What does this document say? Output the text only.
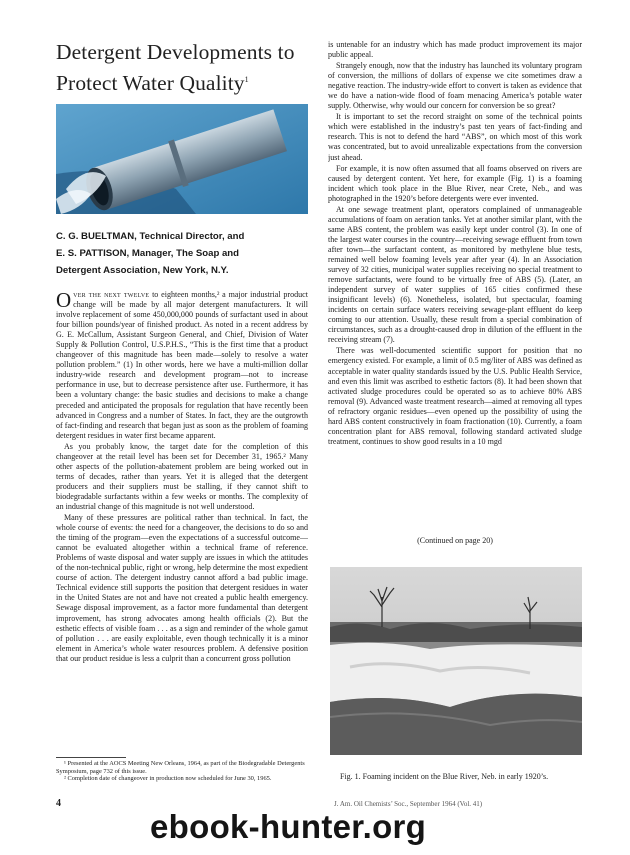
Detergent Developments to Protect Water Quality$^1$
C. G. BUELTMAN, Technical Director, and
E. S. PATTISON, Manager, The Soap and
Detergent Association, New York, N.Y.

Over the next twelve to eighteen months,² a major industrial product change will be made by all major detergent manufacturers. It will involve replacement of some 450,000,000 pounds of surfactant used in about four billion pounds/year of finished product. As noted in a recent address by G. E. McCallum, Assistant Surgeon General, and Chief, Division of Water Supply & Pollution Control, U.S.P.H.S., “This is the first time that a product changeover of this magnitude has been made—solely to resolve a water pollution problem.” (1) In other words, here we have a multi-million dollar industry-wide research and development program—not to increase performance in use, but to decrease persistence after use. Furthermore, it has been a voluntary change: the basic studies and decisions to make a change preceded and anticipated the proposals for regulation that have recently been advanced in Congress and a number of States. In fact, they are the outgrowth of fact-finding and research that began just as soon as the problem of foaming detergent residues in water first became apparent.

As you probably know, the target date for the completion of this changeover at the retail level has been set for December 31, 1965.² Many other aspects of the pollution-abatement problem are being worked out in terms of decades, rather than years. Yet it is alleged that the detergent producers and their suppliers must be stalling, if they cannot shift to biodegradable surfactants within a few weeks or months. The complexity of an industrial change of this magnitude is not well understood.

Many of these pressures are political rather than technical. In fact, the whole course of events: the need for a changeover, the decisions to do so and the timing of the program—even the expectations of a successful outcome—cannot be evaluated altogether within a technical frame of reference. Problems of waste disposal and water supply are issues in which the attitudes of the non-technical public, right or wrong, help determine the most expedient course of action. The detergent industry cannot afford a bad public image. Technical evidence still supports the position that detergent residues in water in the United States are not and have not created a public health emergency. Sewage disposal improvement, as a factor more fundamental than detergent improvement, has strong advocates among health officials (2). But the esthetic effects of visible foam . . . as a sign and reminder of the whole gamut of pollution . . . are easily exploitable, even though technically it is a minor element in America’s whole water resources problem. A defensive position that our product residue is less a culprit than a concurrent gross pollution

¹ Presented at the AOCS Meeting New Orleans, 1964, as part of the Biodegradable Detergents Symposium, page 732 of this issue.

² Completion date of changeover in production now scheduled for June 30, 1965.

4

is untenable for an industry which has made product improvement its major public appeal.

Strangely enough, now that the industry has launched its voluntary program of conversion, the millions of dollars of expense we cite sometimes draw a negative reaction. The industry-wide effort to convert is taken as evidence that we do have a nation-wide flood of foam menacing America’s potable water supply. Otherwise, why would our concern for conversion be so great?

It is important to set the record straight on some of the technical points which were established in the industry’s past ten years of fact-finding and research. This is not to defend the hard “ABS”, on which most of this work was concentrated, but to avoid unrealizable expectations from the conversion just ahead.

For example, it is now often assumed that all foams observed on rivers are caused by detergent content. Yet here, for example (Fig. 1) is a foaming incident which took place in the Blue River, near Crete, Neb., and was photographed in the 1920’s before detergents were ever invented.

At one sewage treatment plant, operators complained of unmanageable accumulations of foam on aeration tanks. Yet at another similar plant, with the same ABS content, the problem was easily kept under control (3). In one of the largest water courses in the country—receiving sewage effluent from town after town—the surfactant content, as monitored by methylene blue tests, remained well below foaming levels year after year (4). In an Association survey of 32 cities, municipal water supplies receiving no special treatment to remove surfactants, were found to be virtually free of ABS (5). (Later, an independent survey of water supplies of 165 cities confirmed these insignificant levels) (6). Nonetheless, isolated, but spectacular, foaming incidents on certain surface waters receiving sewage-plant effluent do keep coming to our attention. Usually, these result from a special combination of circumstances, such as a drought-caused drop in dilution of the effluent in the receiving stream (7).

There was well-documented scientific support for position that no emergency existed. For example, a limit of 0.5 mg/liter of ABS was defined as acceptable in water quality standards issued by the U.S. Public Health Service, and even this limit was ascribed to esthetic factors (8). It had been shown that activated sludge procedures could be operated so as to achieve 80% ABS removal (9). Advanced waste treatment research—aimed at removing all types of refractory organic residues—even opened up the possibility of using the hard ABS content constructively in foam fractionation (10). Currently, a foam concentration plant for ABS removal, following standard activated sludge treatment, continues to show good results in a 10 mgd

(Continued on page 20)
Fig. 1. Foaming incident on the Blue River, Neb. in early 1920’s.
J. Am. Oil Chemists’ Soc., September 1964 (Vol. 41)
ebook-hunter.org
